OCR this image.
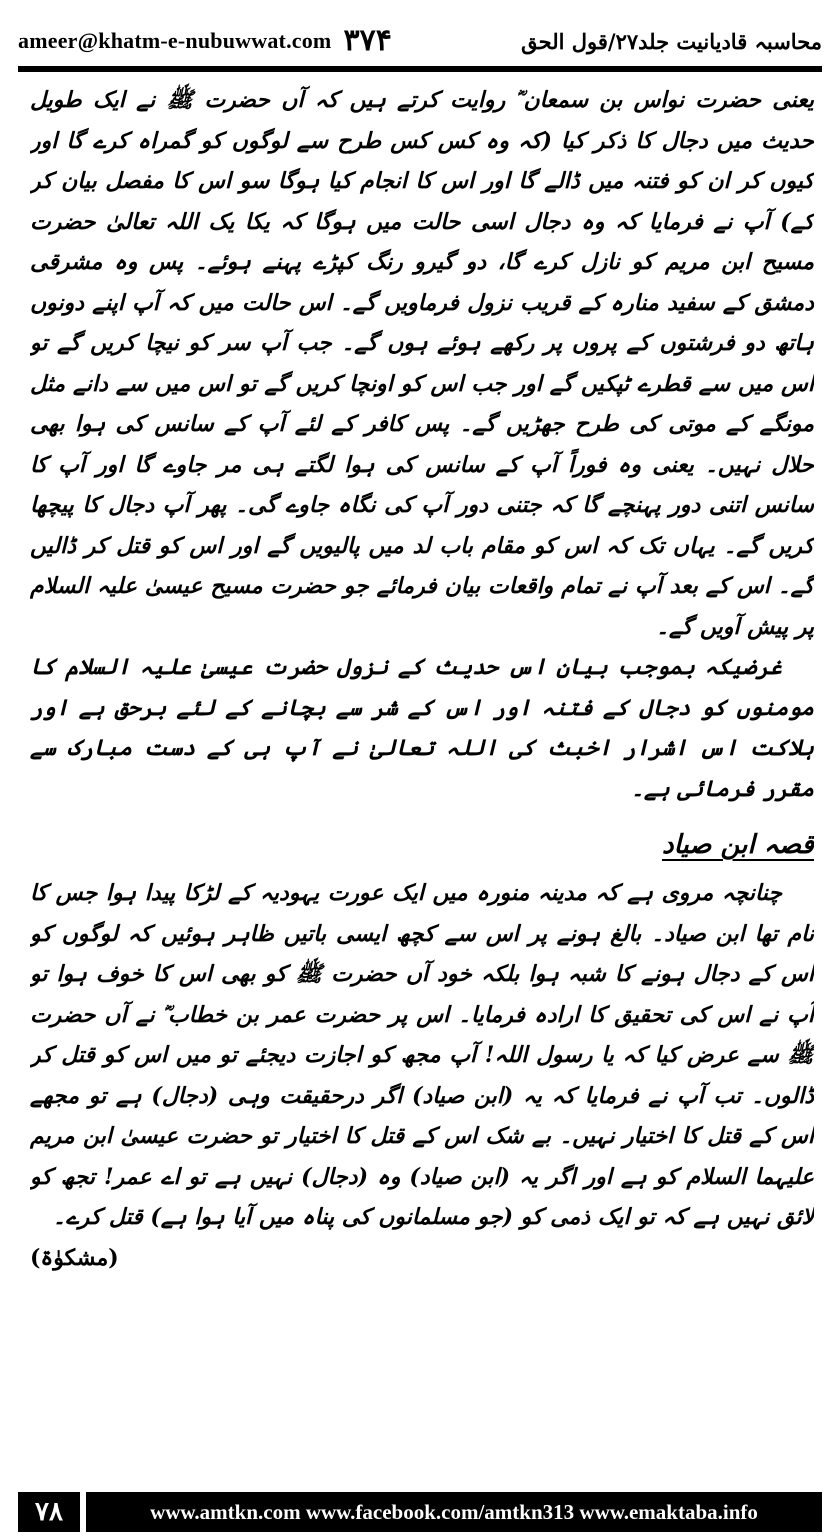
ameer@khatm-e-nubuwwat.com ۳۷۴	محاسبہ قادیانیت جلد۲۷/قول الحق

یعنی حضرت نواس بن سمعان ؓ روایت کرتے ہیں کہ آں حضرت ﷺ نے ایک طویل حدیث میں دجال کا ذکر کیا (کہ وہ کس کس طرح سے لوگوں کو گمراہ کرے گا اور کیوں کر ان کو فتنہ میں ڈالے گا اور اس کا انجام کیا ہوگا سو اس کا مفصل بیان کر کے) آپ نے فرمایا کہ وہ دجال اسی حالت میں ہوگا کہ یکا یک اللہ تعالیٰ حضرت مسیح ابن مریم کو نازل کرے گا، دو گیرو رنگ کپڑے پہنے ہوئے۔ پس وہ مشرقی دمشق کے سفید منارہ کے قریب نزول فرماویں گے۔ اس حالت میں کہ آپ اپنے دونوں ہاتھ دو فرشتوں کے پروں پر رکھے ہوئے ہوں گے۔ جب آپ سر کو نیچا کریں گے تو اس میں سے قطرے ٹپکیں گے اور جب اس کو اونچا کریں گے تو اس میں سے دانے مثل مونگے کے موتی کی طرح جھڑیں گے۔ پس کافر کے لئے آپ کے سانس کی ہوا بھی حلال نہیں۔ یعنی وہ فوراً آپ کے سانس کی ہوا لگتے ہی مر جاوے گا اور آپ کا سانس اتنی دور پہنچے گا کہ جتنی دور آپ کی نگاہ جاوے گی۔ پھر آپ دجال کا پیچھا کریں گے۔ یہاں تک کہ اس کو مقام باب لد میں پالیویں گے اور اس کو قتل کر ڈالیں گے۔ اس کے بعد آپ نے تمام واقعات بیان فرمائے جو حضرت مسیح عیسیٰ علیہ السلام پر پیش آویں گے۔

غرضیکہ بموجب بیان اس حدیث کے نزول حضرت عیسیٰ علیہ السلام کا مومنوں کو دجال کے فتنہ اور اس کے شر سے بچانے کے لئے برحق ہے اور ہلاکت اس اشرار اخبث کی اللہ تعالیٰ نے آپ ہی کے دست مبارک سے مقرر فرمائی ہے۔

قصہ ابن صیاد

چنانچہ مروی ہے کہ مدینہ منورہ میں ایک عورت یہودیہ کے لڑکا پیدا ہوا جس کا نام تھا ابن صیاد۔ بالغ ہونے پر اس سے کچھ ایسی باتیں ظاہر ہوئیں کہ لوگوں کو اس کے دجال ہونے کا شبہ ہوا بلکہ خود آں حضرت ﷺ کو بھی اس کا خوف ہوا تو آپ نے اس کی تحقیق کا ارادہ فرمایا۔ اس پر حضرت عمر بن خطاب ؓ نے آں حضرت ﷺ سے عرض کیا کہ یا رسول اللہ! آپ مجھ کو اجازت دیجئے تو میں اس کو قتل کر ڈالوں۔ تب آپ نے فرمایا کہ یہ (ابن صیاد) اگر درحقیقت وہی (دجال) ہے تو مجھے اس کے قتل کا اختیار نہیں۔ بے شک اس کے قتل کا اختیار تو حضرت عیسیٰ ابن مریم علیہما السلام کو ہے اور اگر یہ (ابن صیاد) وہ (دجال) نہیں ہے تو اے عمر! تجھ کو لائق نہیں ہے کہ تو ایک ذمی کو (جو مسلمانوں کی پناہ میں آیا ہوا ہے) قتل کرے۔
(مشکوٰۃ)

۷۸	www.amtkn.com www.facebook.com/amtkn313 www.emaktaba.info
